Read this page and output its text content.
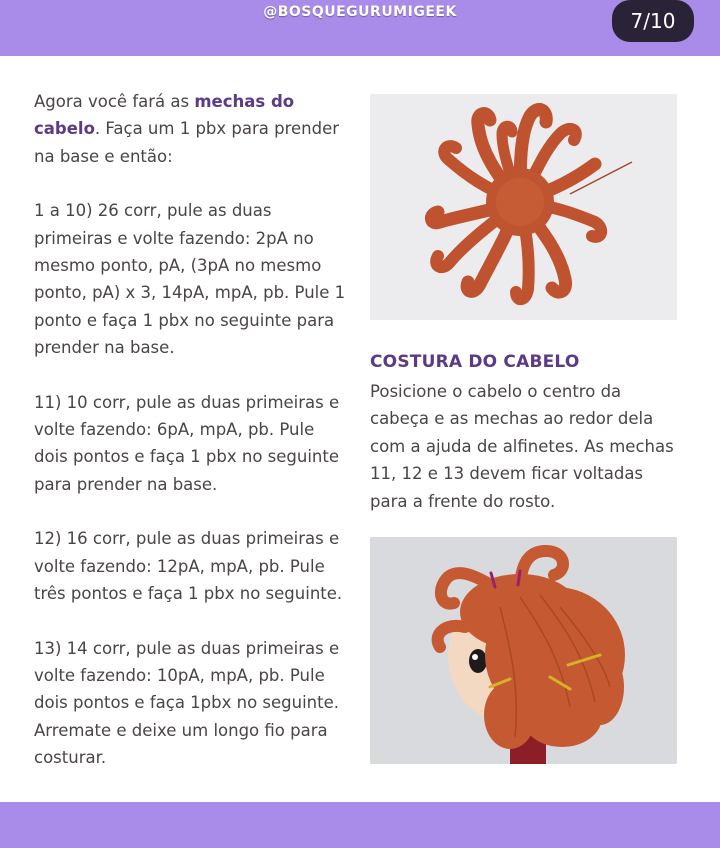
@BOSQUEGURUMIGEEK	7/10

Agora você fará as mechas do cabelo. Faça um 1 pbx para prender na base e então:

1 a 10) 26 corr, pule as duas primeiras e volte fazendo: 2pA no mesmo ponto, pA, (3pA no mesmo ponto, pA) x 3, 14pA, mpA, pb. Pule 1 ponto e faça 1 pbx no seguinte para prender na base.

11) 10 corr, pule as duas primeiras e volte fazendo: 6pA, mpA, pb. Pule dois pontos e faça 1 pbx no seguinte para prender na base.

12) 16 corr, pule as duas primeiras e volte fazendo: 12pA, mpA, pb. Pule três pontos e faça 1 pbx no seguinte.

13) 14 corr, pule as duas primeiras e volte fazendo: 10pA, mpA, pb. Pule dois pontos e faça 1pbx no seguinte. Arremate e deixe um longo fio para costurar.

COSTURA DO CABELO

Posicione o cabelo o centro da cabeça e as mechas ao redor dela com a ajuda de alfinetes. As mechas 11, 12 e 13 devem ficar voltadas para a frente do rosto.
